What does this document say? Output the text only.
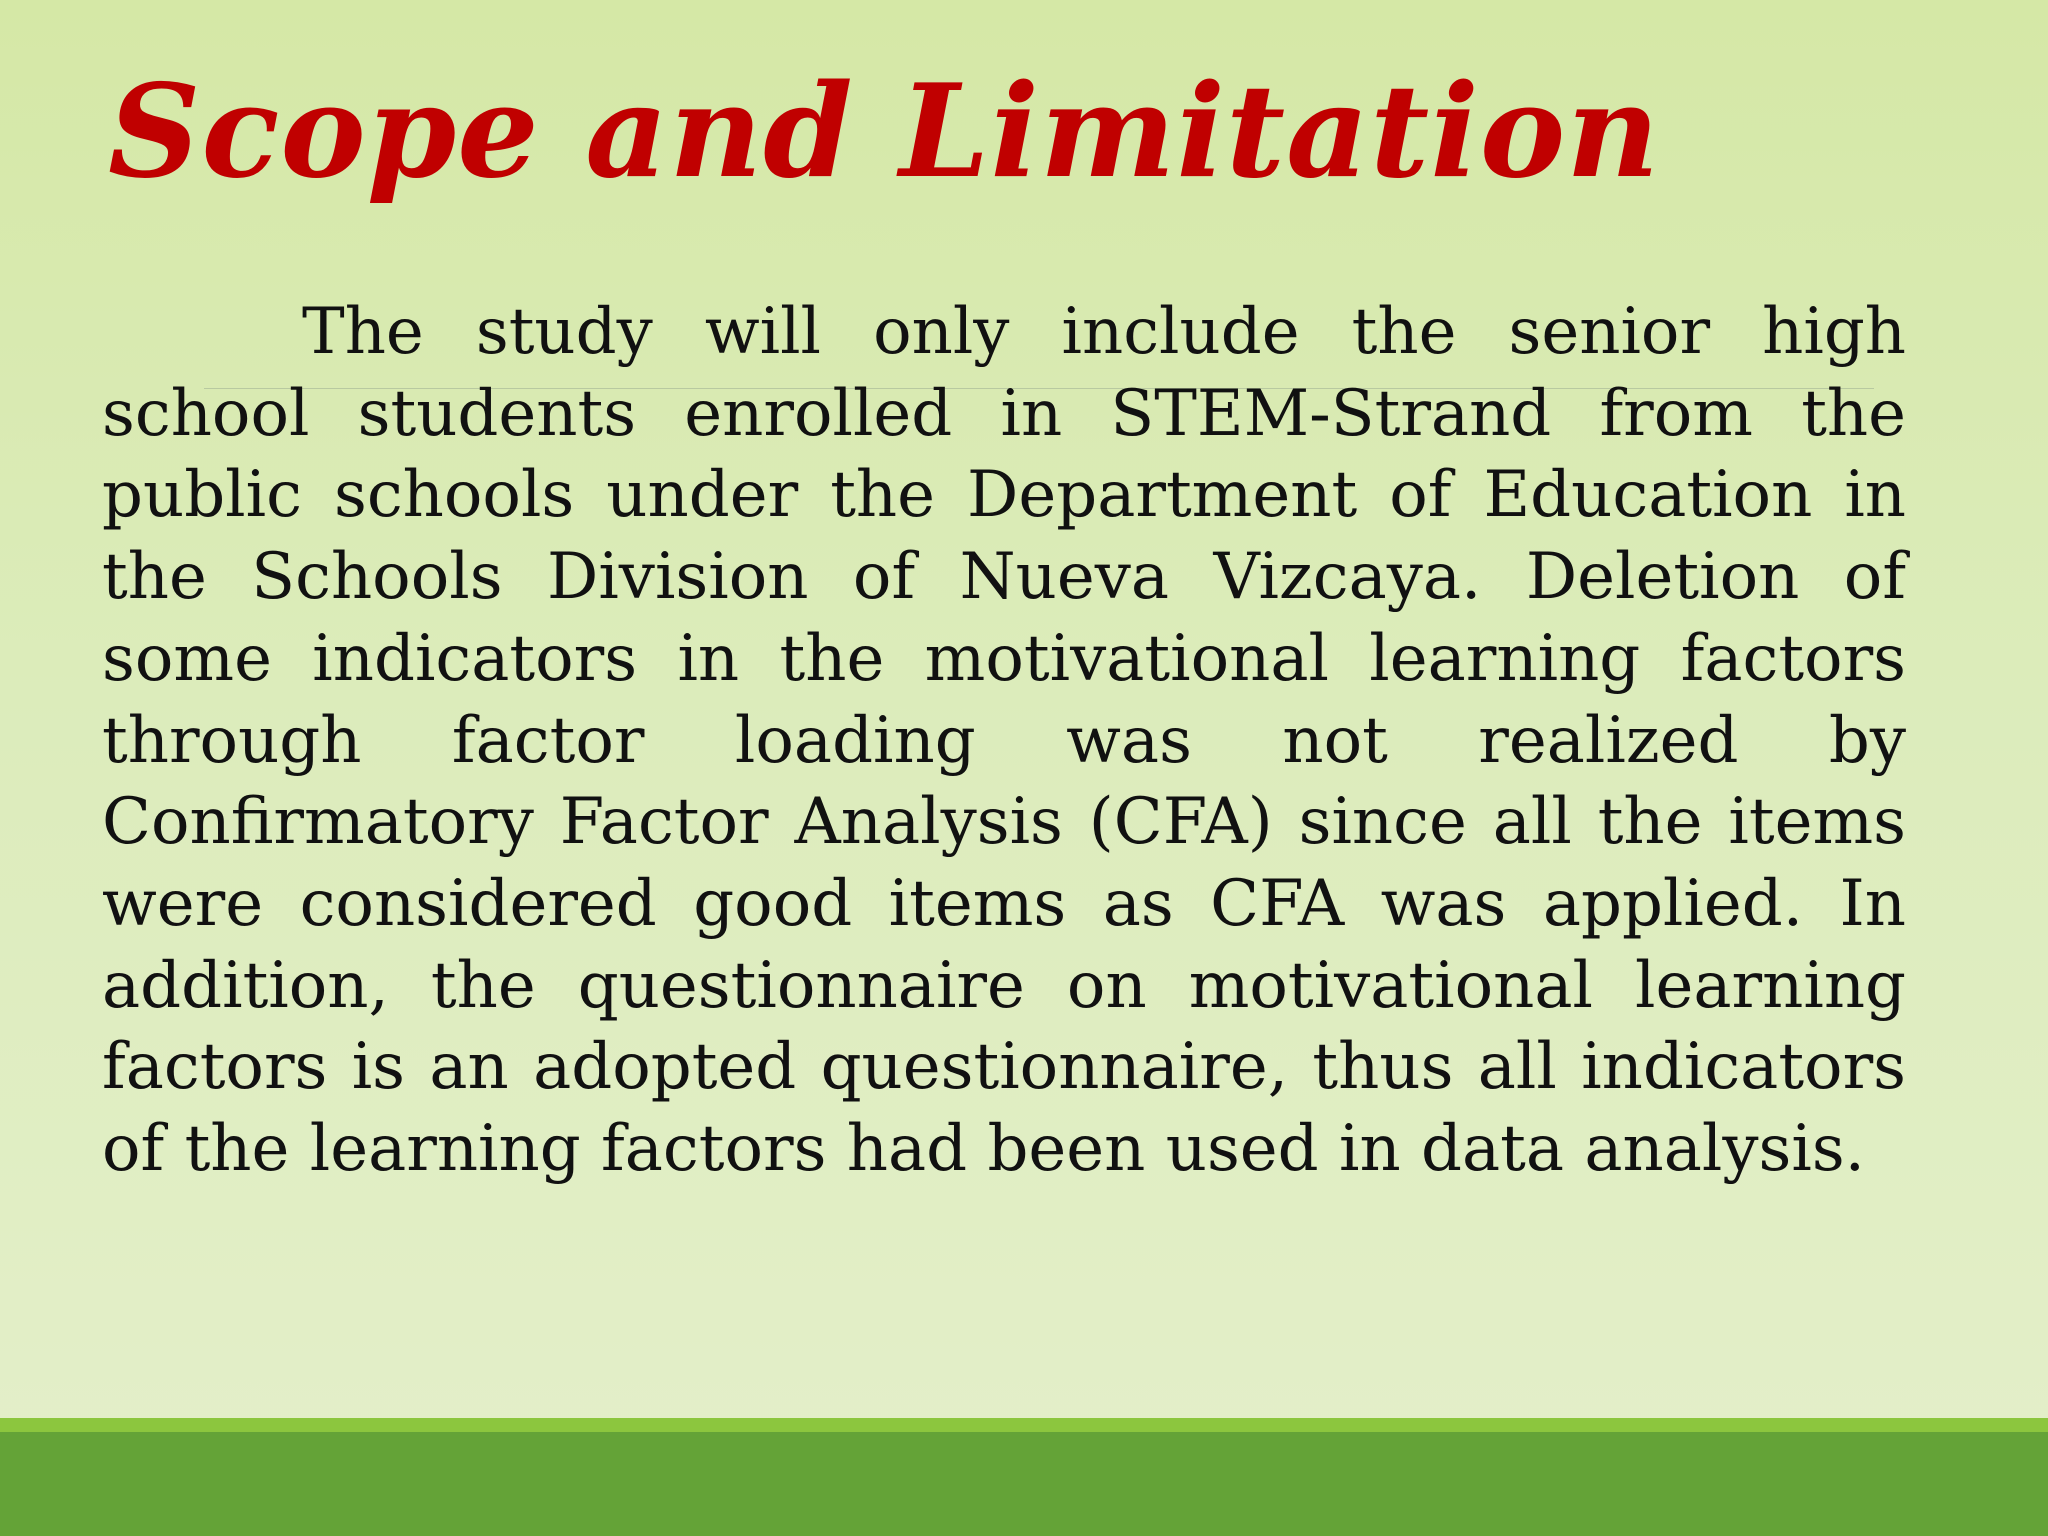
Scope and Limitation

The study will only include the senior high school students enrolled in STEM-Strand from the public schools under the Department of Education in the Schools Division of Nueva Vizcaya. Deletion of some indicators in the motivational learning factors through factor loading was not realized by Confirmatory Factor Analysis (CFA) since all the items were considered good items as CFA was applied. In addition, the questionnaire on motivational learning factors is an adopted questionnaire, thus all indicators of the learning factors had been used in data analysis.
